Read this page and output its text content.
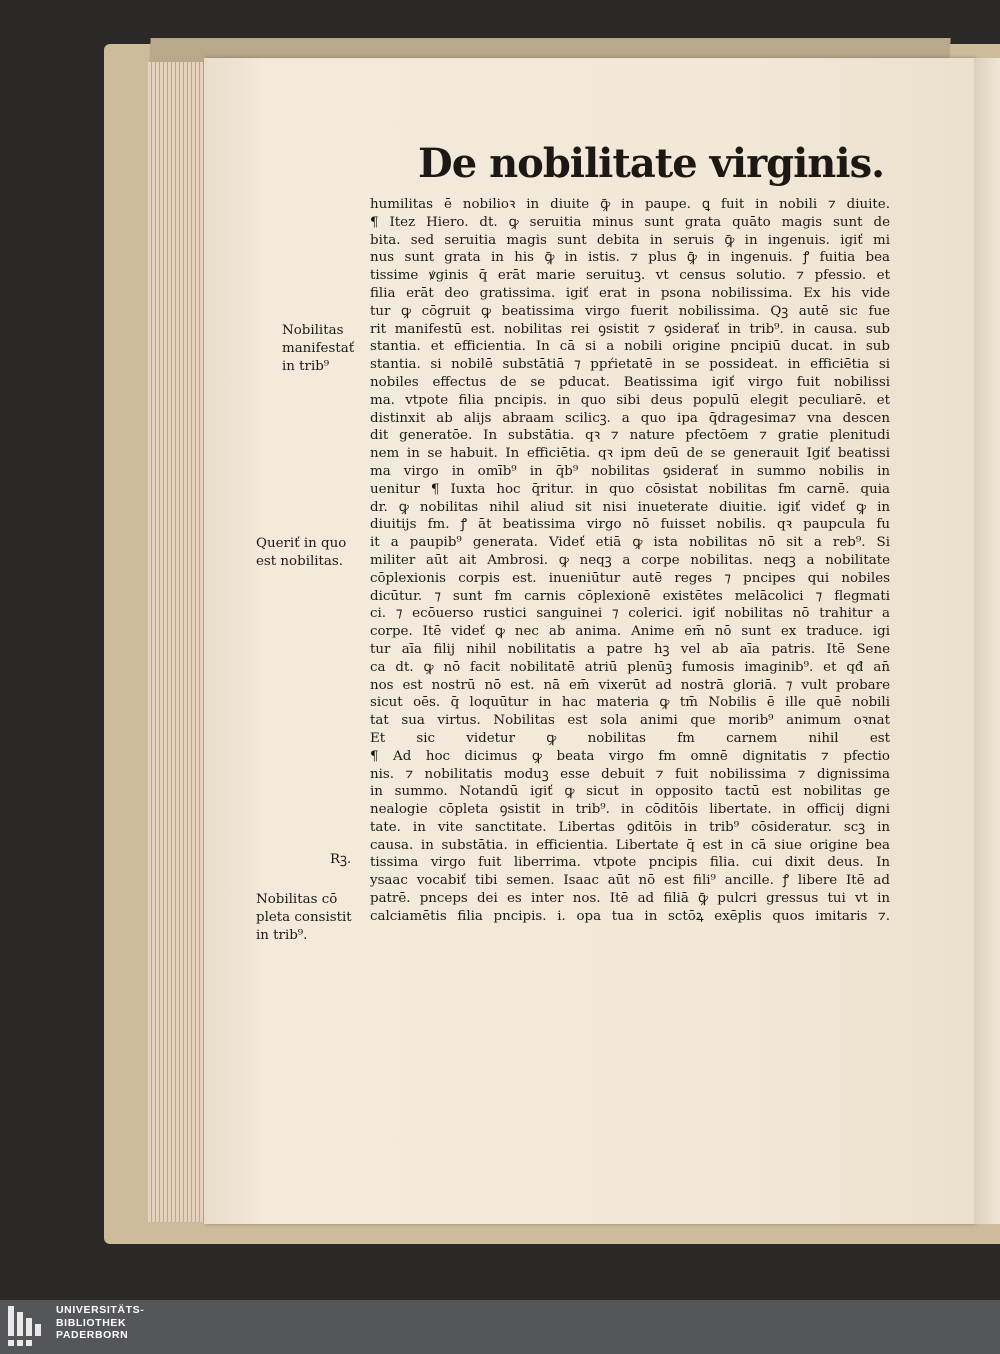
De nobilitate virginis.
humilitas ē nobilioꝛ in diuite ꝙ̄ in paupe. ꝗ fuit in nobili ⁊ diuite.
¶ Itez Hiero. dt. ꝙ seruitia minus sunt grata quāto magis sunt de
bita. sed seruitia magis sunt debita in seruis ꝙ̄ in ingenuis. igiť mi
nus sunt grata in his ꝙ̄ in istis. ⁊ plus ꝙ̄ in ingenuis. ꝭ fuitia bea
tissime ꝟginis q̄ erāt marie seruituꝫ. vt census solutio. ⁊ pfessio. et
filia erāt deo gratissima. igiť erat in psona nobilissima. Ex his vide
tur ꝙ cōgruit ꝙ beatissima virgo fuerit nobilissima. Qꝫ autē sic fue
rit manifestū est. nobilitas rei ꝯsistit ⁊ ꝯsiderať in trib⁹. in causa. sub
stantia. et efficientia. In cā si a nobili origine pncipiū ducat. in sub
stantia. si nobilē substātiā ⁊ ppŕietatē in se possideat. in efficiētia si
nobiles effectus de se pducat. Beatissima igiť virgo fuit nobilissi
ma. vtpote filia pncipis. in quo sibi deus populū elegit peculiarē. et
distinxit ab alijs abraam scilicꝫ. a quo ipa q̄dragesima⁊ vna descen
dit generatōe. In substātia. qꝛ ⁊ nature pfectōem ⁊ gratie plenitudi
nem in se habuit. In efficiētia. qꝛ ipm deū de se generauit Igiť beatissi
ma virgo in omīb⁹ in q̄b⁹ nobilitas ꝯsiderať in summo nobilis in
uenitur ¶ Iuxta hoc q̄ritur. in quo cōsistat nobilitas fm carnē. quia
dr. ꝙ nobilitas nihil aliud sit nisi inueterate diuitie. igiť videť ꝙ in
diuitijs fm. ꝭ āt beatissima virgo nō fuisset nobilis. qꝛ paupcula fu
it a paupib⁹ generata. Videť etiā ꝙ ista nobilitas nō sit a reb⁹. Si
militer aūt ait Ambrosi. ꝙ neqꝫ a corpe nobilitas. neqꝫ a nobilitate
cōplexionis corpis est. inueniūtur autē reges ⁊ pncipes qui nobiles
dicūtur. ⁊ sunt fm carnis cōplexionē existētes melācolici ⁊ flegmati
ci. ⁊ ecōuerso rustici sanguinei ⁊ colerici. igiť nobilitas nō trahitur a
corpe. Itē videť ꝙ nec ab anima. Anime em̄ nō sunt ex traduce. igi
tur aīa filij nihil nobilitatis a patre hꝫ vel ab aīa patris. Itē Sene
ca dt. ꝙ nō facit nobilitatē atriū plenūꝫ fumosis imaginib⁹. et qđ an̄
nos est nostrū nō est. nā em̄ vixerūt ad nostrā gloriā. ⁊ vult probare
sicut oēs. q̄ loquūtur in hac materia ꝙ tm̄ Nobilis ē ille quē nobili
tat sua virtus. Nobilitas est sola animi que morib⁹ animum oꝛnat
Et sic videtur ꝙ nobilitas fm carnem nihil est
¶ Ad hoc dicimus ꝙ beata virgo fm omnē dignitatis ⁊ pfectio
nis. ⁊ nobilitatis moduꝫ esse debuit ⁊ fuit nobilissima ⁊ dignissima
in summo. Notandū igiť ꝙ sicut in opposito tactū est nobilitas ge
nealogie cōpleta ꝯsistit in trib⁹. in cōditōis libertate. in officij digni
tate. in vite sanctitate. Libertas ꝯditōis in trib⁹ cōsideratur. scꝫ in
causa. in substātia. in efficientia. Libertate q̄ est in cā siue origine bea
tissima virgo fuit liberrima. vtpote pncipis filia. cui dixit deus. In
ysaac vocabiť tibi semen. Isaac aūt nō est fili⁹ ancille. ꝭ libere Itē ad
patrē. pnceps dei es inter nos. Itē ad filiā ꝙ̄ pulcri gressus tui vt in
calciamētis filia pncipis. i. opa tua in sctōꝝ exēplis quos imitaris ⁊.
Nobilitas
manifestať
in trib⁹
Queriť in quo
est nobilitas.
Rꝫ.
Nobilitas cō
pleta consistit
in trib⁹.
UNIVERSITÄTS-
BIBLIOTHEK
PADERBORN
